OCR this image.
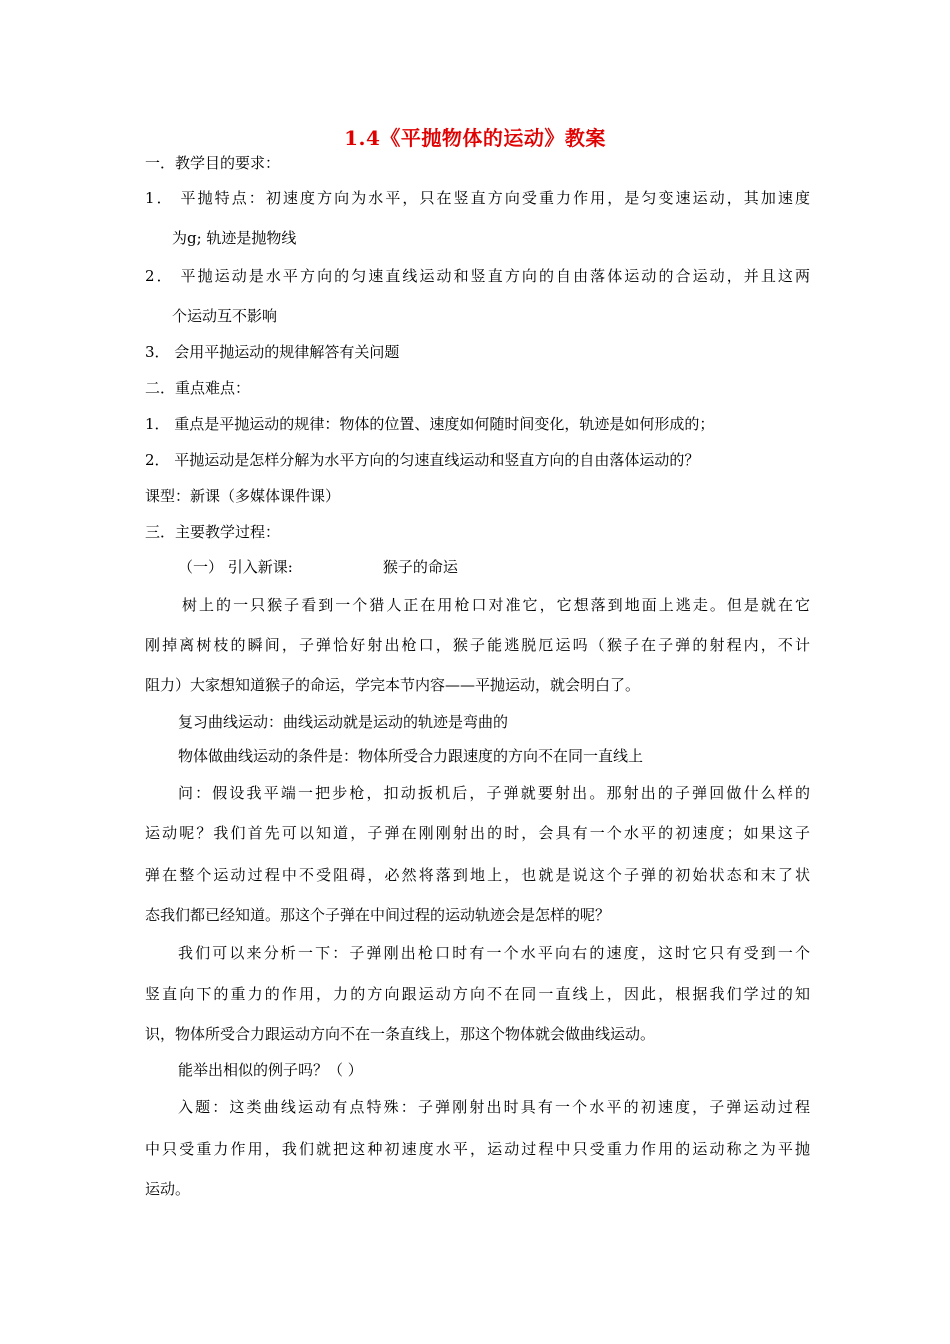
1.4《平抛物体的运动》教案
一．教学目的要求：
1． 平抛特点：初速度方向为水平，只在竖直方向受重力作用，是匀变速运动，其加速度
为g; 轨迹是抛物线
2． 平抛运动是水平方向的匀速直线运动和竖直方向的自由落体运动的合运动，并且这两
个运动互不影响
3． 会用平抛运动的规律解答有关问题
二．重点难点：
1． 重点是平抛运动的规律：物体的位置、速度如何随时间变化，轨迹是如何形成的；
2． 平抛运动是怎样分解为水平方向的匀速直线运动和竖直方向的自由落体运动的？
课型：新课（多媒体课件课）
三．主要教学过程：
（一） 引入新课:	猴子的命运
树上的一只猴子看到一个猎人正在用枪口对准它，它想落到地面上逃走。但是就在它
刚掉离树枝的瞬间，子弹恰好射出枪口，猴子能逃脱厄运吗（猴子在子弹的射程内，不计
阻力）大家想知道猴子的命运，学完本节内容——平抛运动，就会明白了。
复习曲线运动：曲线运动就是运动的轨迹是弯曲的
物体做曲线运动的条件是：物体所受合力跟速度的方向不在同一直线上
问：假设我平端一把步枪，扣动扳机后，子弹就要射出。那射出的子弹回做什么样的
运动呢？我们首先可以知道，子弹在刚刚射出的时，会具有一个水平的初速度；如果这子
弹在整个运动过程中不受阻碍，必然将落到地上，也就是说这个子弹的初始状态和末了状
态我们都已经知道。那这个子弹在中间过程的运动轨迹会是怎样的呢？
我们可以来分析一下：子弹刚出枪口时有一个水平向右的速度，这时它只有受到一个
竖直向下的重力的作用，力的方向跟运动方向不在同一直线上，因此，根据我们学过的知
识，物体所受合力跟运动方向不在一条直线上，那这个物体就会做曲线运动。
能举出相似的例子吗？（ ）
入题：这类曲线运动有点特殊：子弹刚射出时具有一个水平的初速度，子弹运动过程
中只受重力作用，我们就把这种初速度水平，运动过程中只受重力作用的运动称之为平抛
运动。
